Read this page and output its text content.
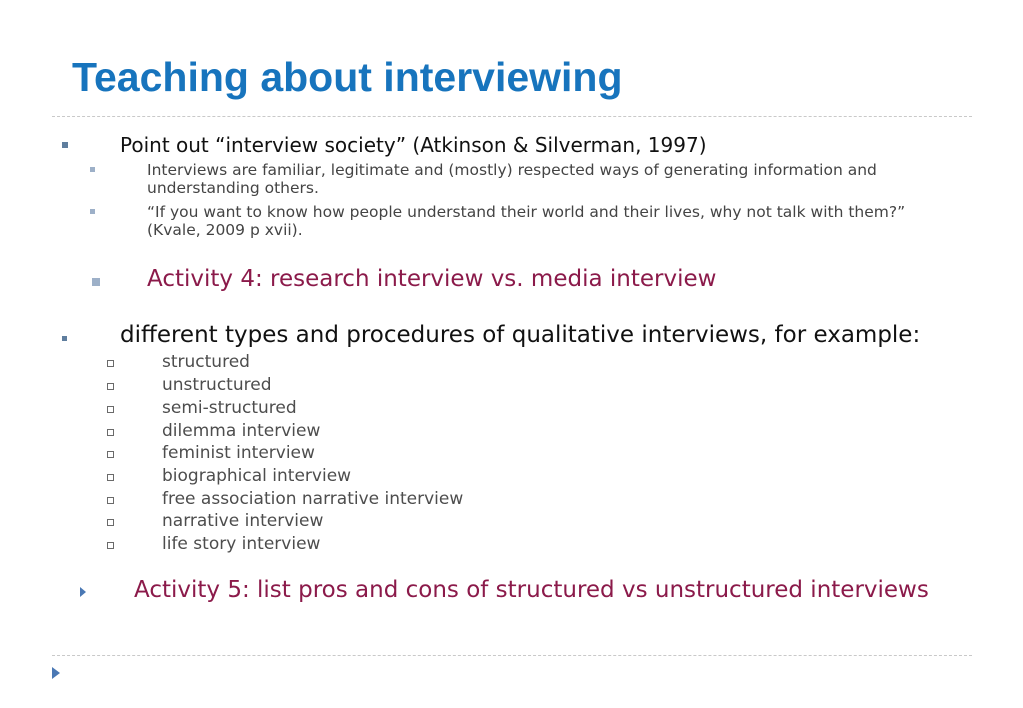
Teaching about interviewing
Point out “interview society” (Atkinson & Silverman, 1997)
Interviews are familiar, legitimate and (mostly) respected ways of generating information and
understanding others.
“If you want to know how people understand their world and their lives, why not talk with them?”
(Kvale, 2009 p xvii).
Activity 4: research interview vs. media interview
different types and procedures of qualitative interviews, for example:
structured
unstructured
semi-structured
dilemma interview
feminist interview
biographical interview
free association narrative interview
narrative interview
life story interview
Activity 5: list pros and cons of structured vs unstructured interviews
